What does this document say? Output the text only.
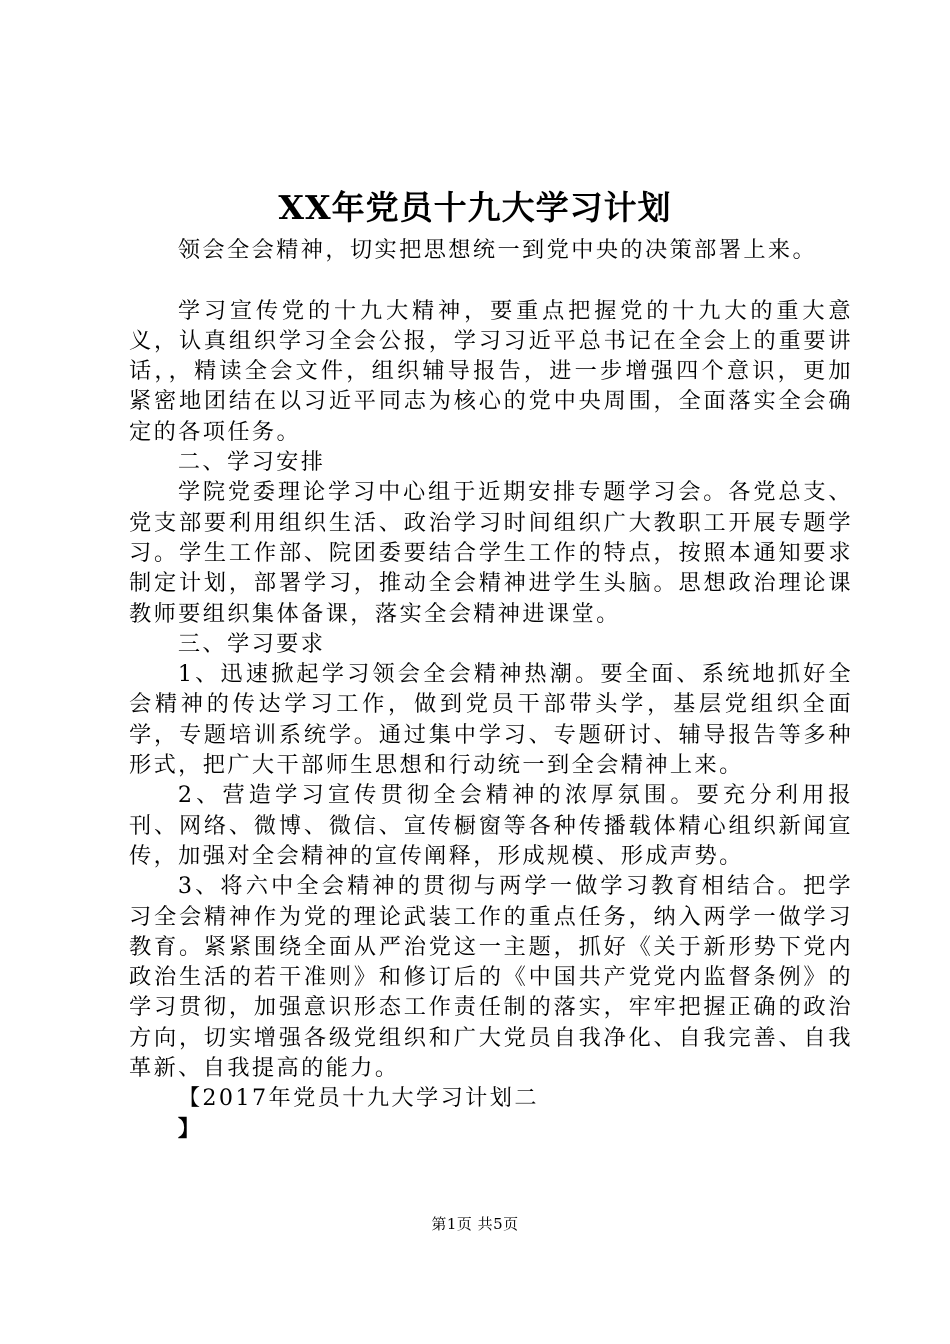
XX年党员十九大学习计划

领会全会精神，切实把思想统一到党中央的决策部署上来。

学习宣传党的十九大精神，要重点把握党的十九大的重大意义，认真组织学习全会公报，学习习近平总书记在全会上的重要讲话，，精读全会文件，组织辅导报告，进一步增强四个意识，更加紧密地团结在以习近平同志为核心的党中央周围，全面落实全会确定的各项任务。

二、学习安排

学院党委理论学习中心组于近期安排专题学习会。各党总支、党支部要利用组织生活、政治学习时间组织广大教职工开展专题学习。学生工作部、院团委要结合学生工作的特点，按照本通知要求制定计划，部署学习，推动全会精神进学生头脑。思想政治理论课教师要组织集体备课，落实全会精神进课堂。

三、学习要求

1、迅速掀起学习领会全会精神热潮。要全面、系统地抓好全会精神的传达学习工作，做到党员干部带头学，基层党组织全面学，专题培训系统学。通过集中学习、专题研讨、辅导报告等多种形式，把广大干部师生思想和行动统一到全会精神上来。

2、营造学习宣传贯彻全会精神的浓厚氛围。要充分利用报刊、网络、微博、微信、宣传橱窗等各种传播载体精心组织新闻宣传，加强对全会精神的宣传阐释，形成规模、形成声势。

3、将六中全会精神的贯彻与两学一做学习教育相结合。把学习全会精神作为党的理论武装工作的重点任务，纳入两学一做学习教育。紧紧围绕全面从严治党这一主题，抓好《关于新形势下党内政治生活的若干准则》和修订后的《中国共产党党内监督条例》的学习贯彻，加强意识形态工作责任制的落实，牢牢把握正确的政治方向，切实增强各级党组织和广大党员自我净化、自我完善、自我革新、自我提高的能力。

【2017年党员十九大学习计划二
】
第1页 共5页
